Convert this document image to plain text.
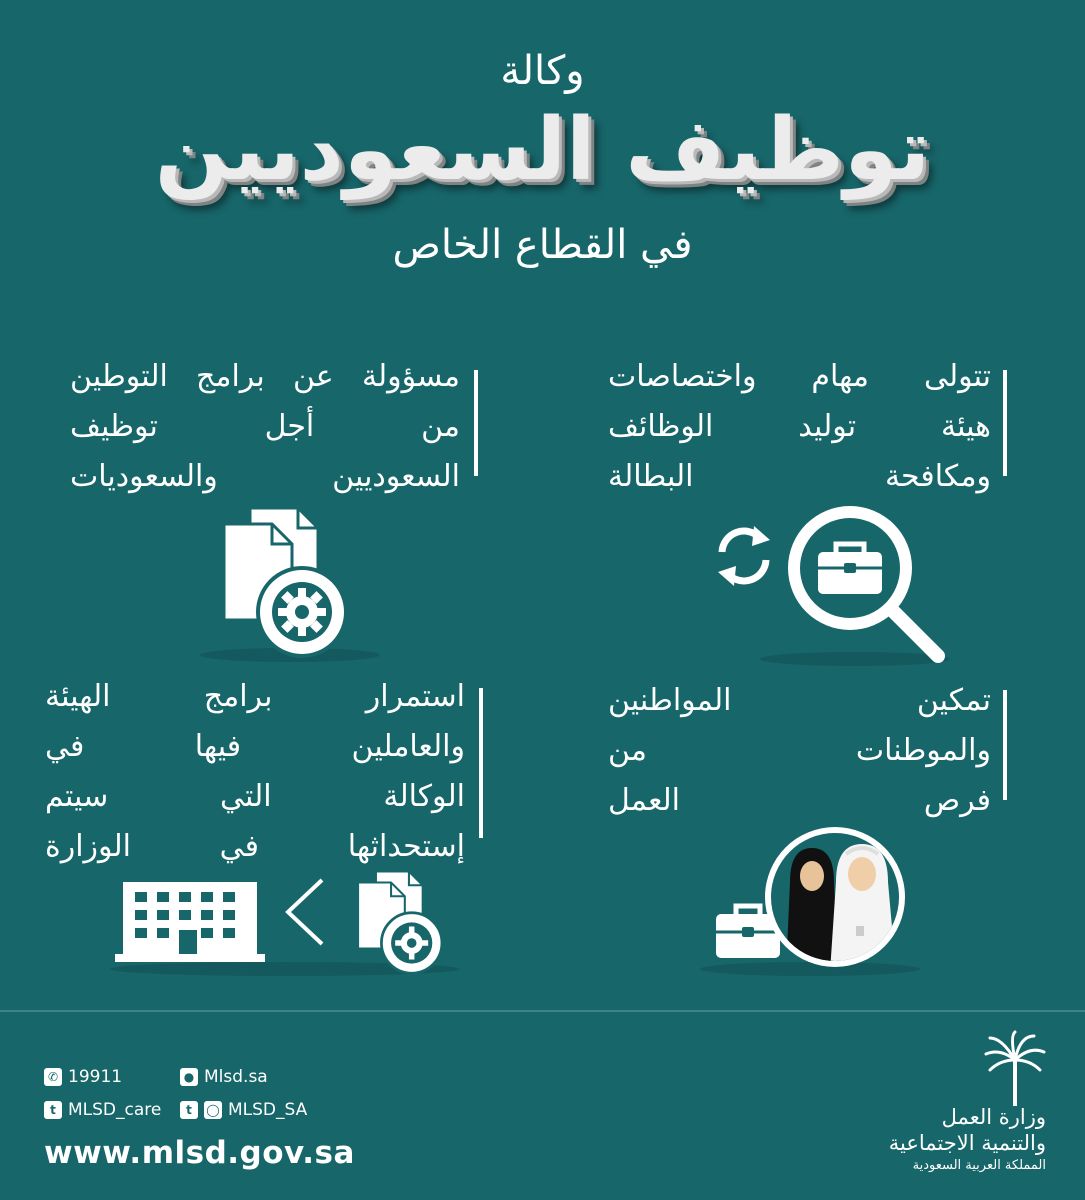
وكالة
توظيف السعوديين
في القطاع الخاص
تتولى مهام واختصاصات
هيئة توليد الوظائف
ومكافحة البطالة
مسؤولة عن برامج التوطين
من أجل توظيف
السعوديين والسعوديات
تمكين المواطنين
والموطنات من
فرص العمل
استمرار برامج الهيئة
والعاملين فيها في
الوكالة التي سيتم
إستحداثها في الوزارة
✆ 19911	● Mlsd.sa
t MLSD_care	t	◯ MLSD_SA
www.mlsd.gov.sa
وزارة العمل
والتنمية الاجتماعية
المملكة العربية السعودية
